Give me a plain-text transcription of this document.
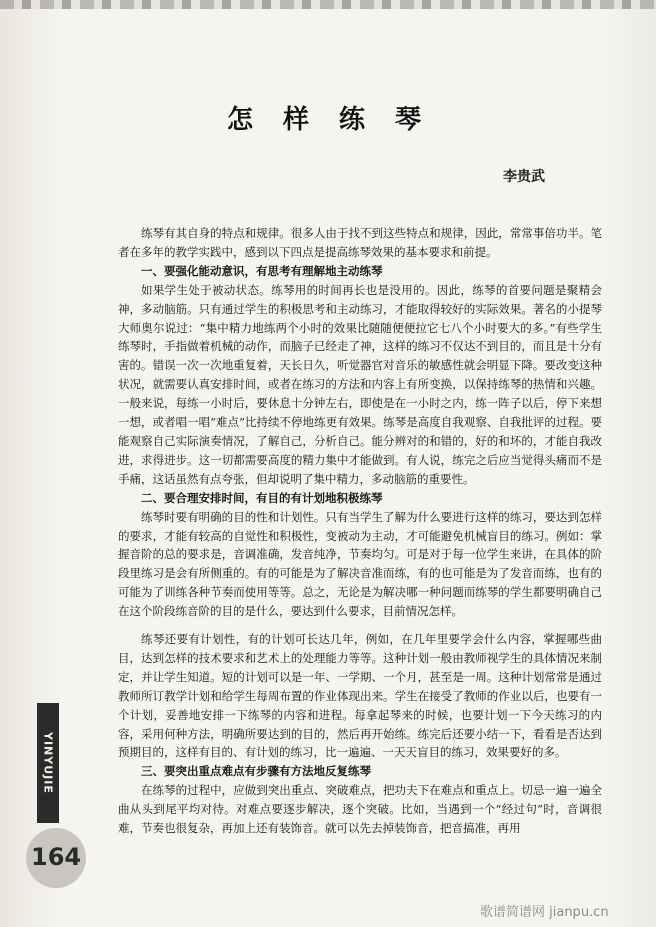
怎样练琴
李贵武

练琴有其自身的特点和规律。很多人由于找不到这些特点和规律，因此，常常事倍功半。笔者在多年的教学实践中，感到以下四点是提高练琴效果的基本要求和前提。

一、要强化能动意识，有思考有理解地主动练琴

如果学生处于被动状态。练琴用的时间再长也是没用的。因此，练琴的首要问题是聚精会神，多动脑筋。只有通过学生的积极思考和主动练习，才能取得较好的实际效果。著名的小提琴大师奥尔说过：“集中精力地练两个小时的效果比随随便便拉它七八个小时要大的多。”有些学生练琴时，手指做着机械的动作，而脑子已经走了神，这样的练习不仅达不到目的，而且是十分有害的。错误一次一次地重复着，天长日久，听觉器官对音乐的敏感性就会明显下降。要改变这种状况，就需要认真安排时间，或者在练习的方法和内容上有所变换，以保持练琴的热情和兴趣。一般来说，每练一小时后，要休息十分钟左右，即使是在一小时之内，练一阵子以后，停下来想一想，或者唱一唱“难点”比持续不停地练更有效果。练琴是高度自我观察、自我批评的过程。要能观察自己实际演奏情况，了解自己，分析自己。能分辨对的和错的，好的和坏的，才能自我改进，求得进步。这一切都需要高度的精力集中才能做到。有人说，练完之后应当觉得头痛而不是手痛，这话虽然有点夸张，但却说明了集中精力，多动脑筋的重要性。

二、要合理安排时间，有目的有计划地积极练琴

练琴时要有明确的目的性和计划性。只有当学生了解为什么要进行这样的练习，要达到怎样的要求，才能有较高的自觉性和积极性，变被动为主动，才可能避免机械盲目的练习。例如：掌握音阶的总的要求是，音调准确，发音纯净，节奏均匀。可是对于每一位学生来讲，在具体的阶段里练习是会有所侧重的。有的可能是为了解决音准而练，有的也可能是为了发音而练，也有的可能为了训练各种节奏而使用等等。总之，无论是为解决哪一种问题而练琴的学生都要明确自己在这个阶段练音阶的目的是什么，要达到什么要求，目前情况怎样。

练琴还要有计划性，有的计划可长达几年，例如，在几年里要学会什么内容，掌握哪些曲目，达到怎样的技术要求和艺术上的处理能力等等。这种计划一般由教师视学生的具体情况来制定，并让学生知道。短的计划可以是一年、一学期、一个月，甚至是一周。这种计划常常是通过教师所订教学计划和给学生每周布置的作业体现出来。学生在接受了教师的作业以后，也要有一个计划，妥善地安排一下练琴的内容和进程。每拿起琴来的时候，也要计划一下今天练习的内容，采用何种方法，明确所要达到的目的，然后再开始练。练完后还要小结一下，看看是否达到预期目的，这样有目的、有计划的练习，比一遍遍、一天天盲目的练习，效果要好的多。

三、要突出重点难点有步骤有方法地反复练琴

在练琴的过程中，应做到突出重点、突破难点，把功夫下在难点和重点上。切忌一遍一遍全曲从头到尾平均对待。对难点要逐步解决，逐个突破。比如，当遇到一个“经过句”时，音调很难，节奏也很复杂，再加上还有装饰音。就可以先去掉装饰音，把音搞准，再用

YINYUJIE
164
歌谱简谱网 jianpu.cn
